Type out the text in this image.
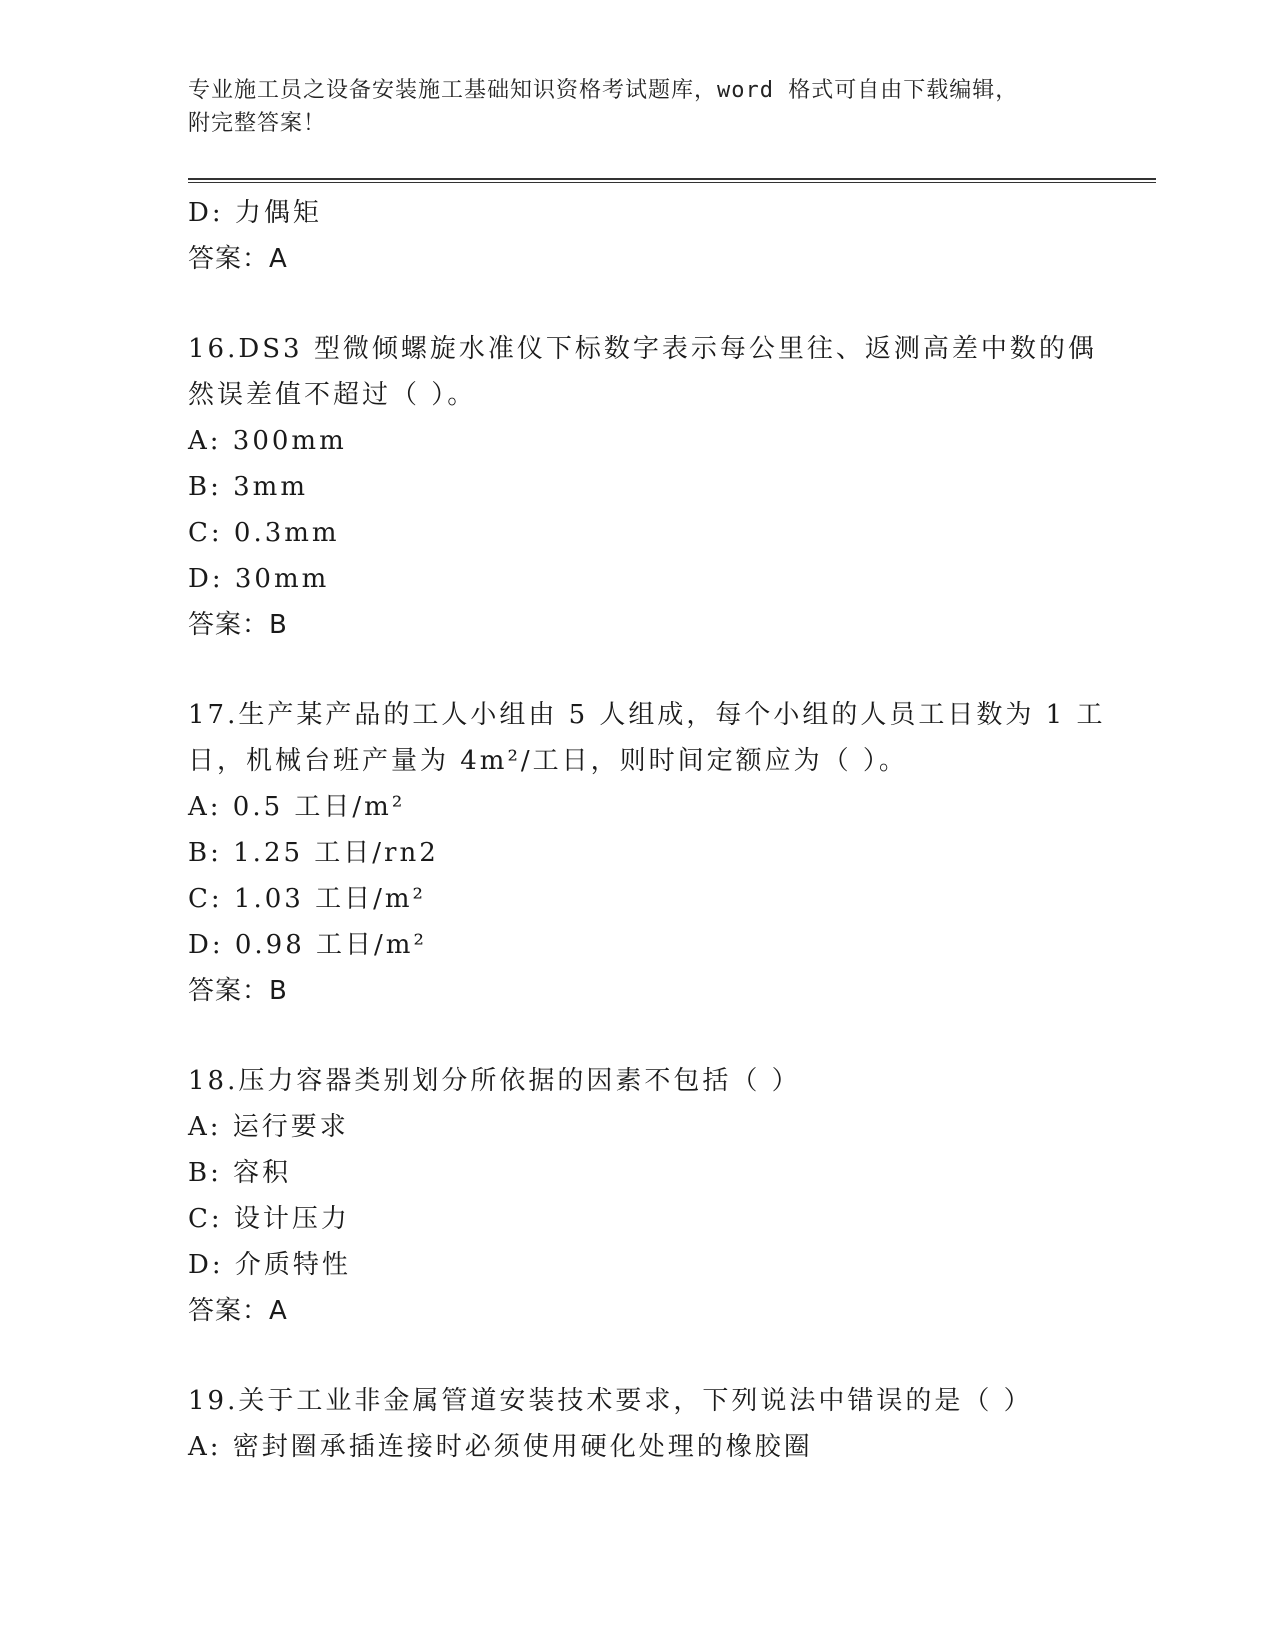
专业施工员之设备安装施工基础知识资格考试题库，word 格式可自由下载编辑，
附完整答案！
D: 力偶矩
答案：A
16.DS3 型微倾螺旋水准仪下标数字表示每公里往、返测高差中数的偶
然误差值不超过（ ）。
A: 300mm
B: 3mm
C: 0.3mm
D: 30mm
答案：B
17.生产某产品的工人小组由 5 人组成，每个小组的人员工日数为 1 工
日，机械台班产量为 4m²/工日，则时间定额应为（ ）。
A: 0.5 工日/m²
B: 1.25 工日/rn2
C: 1.03 工日/m²
D: 0.98 工日/m²
答案：B
18.压力容器类别划分所依据的因素不包括（ ）
A: 运行要求
B: 容积
C: 设计压力
D: 介质特性
答案：A
19.关于工业非金属管道安装技术要求，下列说法中错误的是（ ）
A: 密封圈承插连接时必须使用硬化处理的橡胶圈
